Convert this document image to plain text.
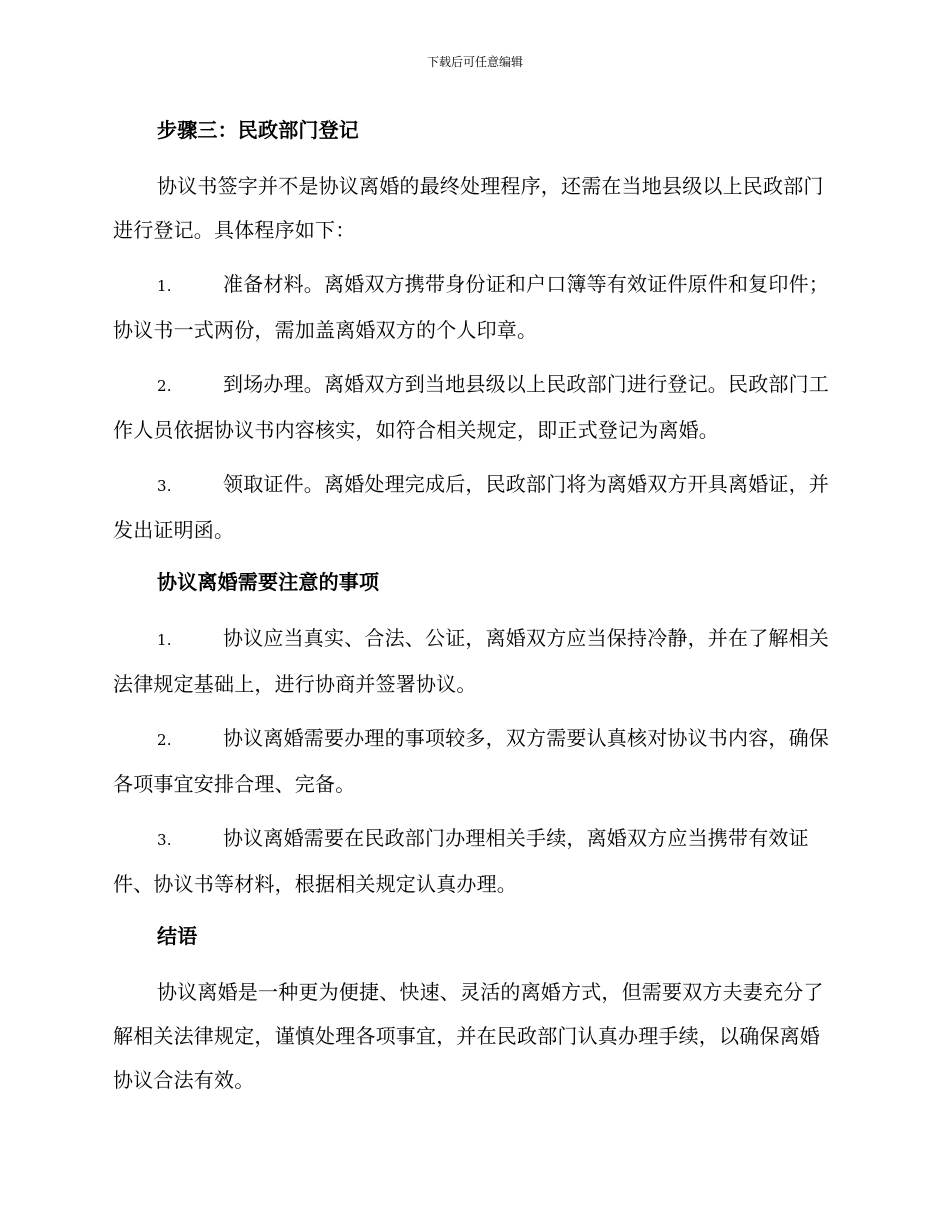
下载后可任意编辑
步骤三：民政部门登记
协议书签字并不是协议离婚的最终处理程序，还需在当地县级以上民政部门进行登记。具体程序如下：
1.	准备材料。离婚双方携带身份证和户口簿等有效证件原件和复印件；协议书一式两份，需加盖离婚双方的个人印章。
2.	到场办理。离婚双方到当地县级以上民政部门进行登记。民政部门工作人员依据协议书内容核实，如符合相关规定，即正式登记为离婚。
3.	领取证件。离婚处理完成后，民政部门将为离婚双方开具离婚证，并发出证明函。
协议离婚需要注意的事项
1.	协议应当真实、合法、公证，离婚双方应当保持冷静，并在了解相关法律规定基础上，进行协商并签署协议。
2.	协议离婚需要办理的事项较多，双方需要认真核对协议书内容，确保各项事宜安排合理、完备。
3.	协议离婚需要在民政部门办理相关手续，离婚双方应当携带有效证件、协议书等材料，根据相关规定认真办理。
结语
协议离婚是一种更为便捷、快速、灵活的离婚方式，但需要双方夫妻充分了解相关法律规定，谨慎处理各项事宜，并在民政部门认真办理手续，以确保离婚协议合法有效。
